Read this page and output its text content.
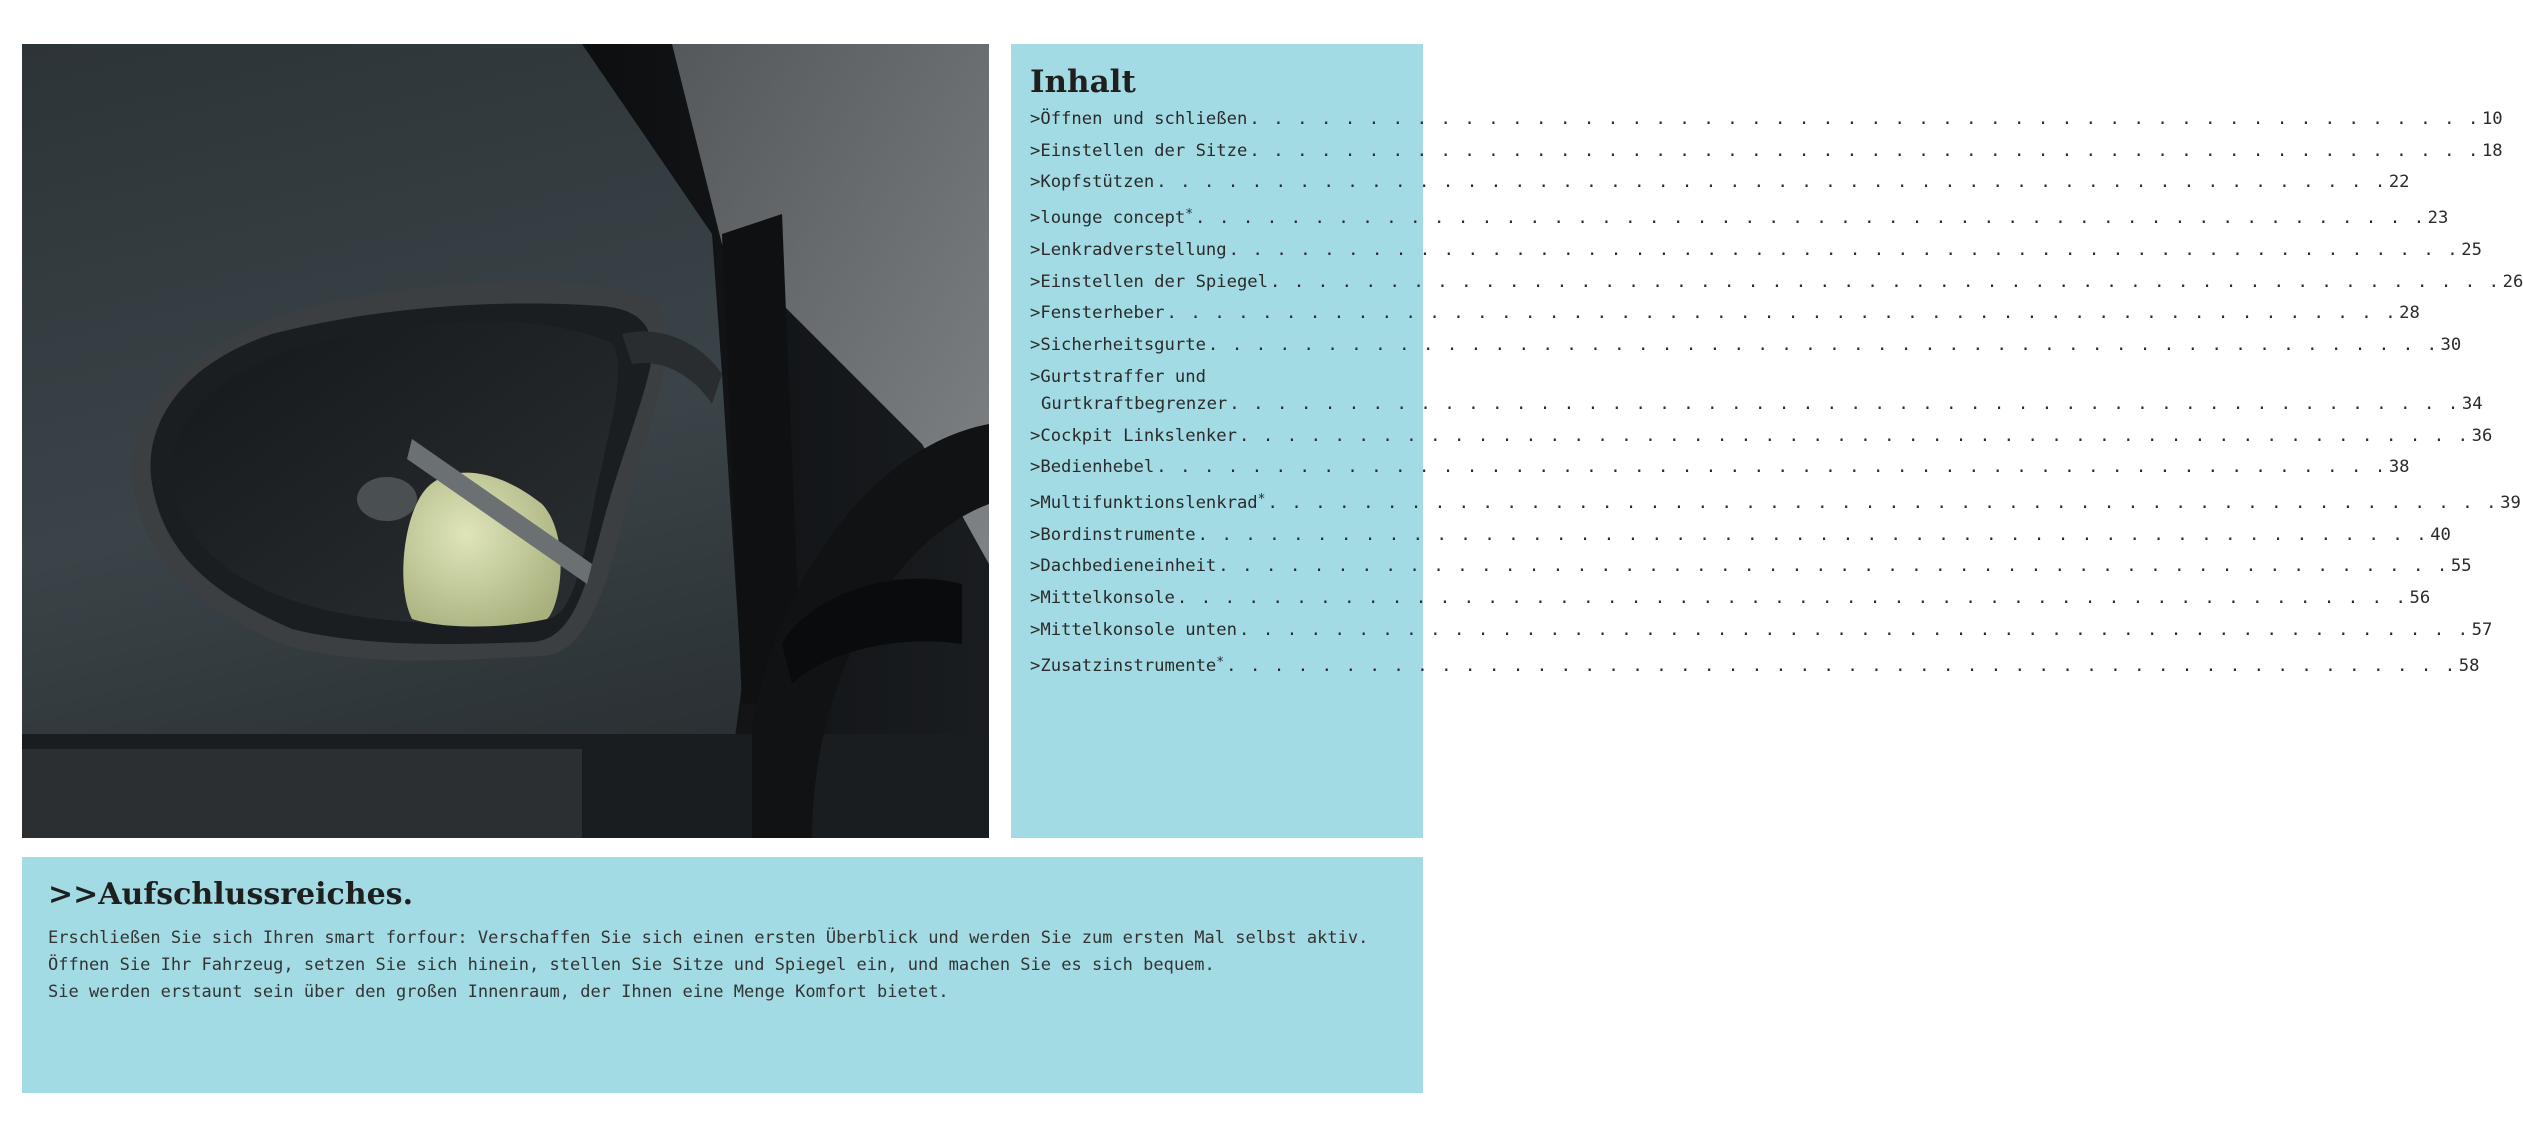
Inhalt
>Öffnen und schließen . . .	10
>Einstellen der Sitze . . .	18
>Kopfstützen . . .	22
>lounge concept* . . .	23
>Lenkradverstellung . . .	25
>Einstellen der Spiegel . . .	26
>Fensterheber . . .	28
>Sicherheitsgurte . . .	30
>Gurtstraffer und
Gurtkraftbegrenzer . . .	34
>Cockpit Linkslenker . . .	36
>Bedienhebel . . .	38
>Multifunktionslenkrad* . . .	39
>Bordinstrumente . . .	40
>Dachbedieneinheit . . .	55
>Mittelkonsole . . .	56
>Mittelkonsole unten . . .	57
>Zusatzinstrumente* . . .	58
>>Aufschlussreiches.
Erschließen Sie sich Ihren smart forfour: Verschaffen Sie sich einen ersten Überblick und werden Sie zum ersten Mal selbst aktiv.
Öffnen Sie Ihr Fahrzeug, setzen Sie sich hinein, stellen Sie Sitze und Spiegel ein, und machen Sie es sich bequem.
Sie werden erstaunt sein über den großen Innenraum, der Ihnen eine Menge Komfort bietet.
